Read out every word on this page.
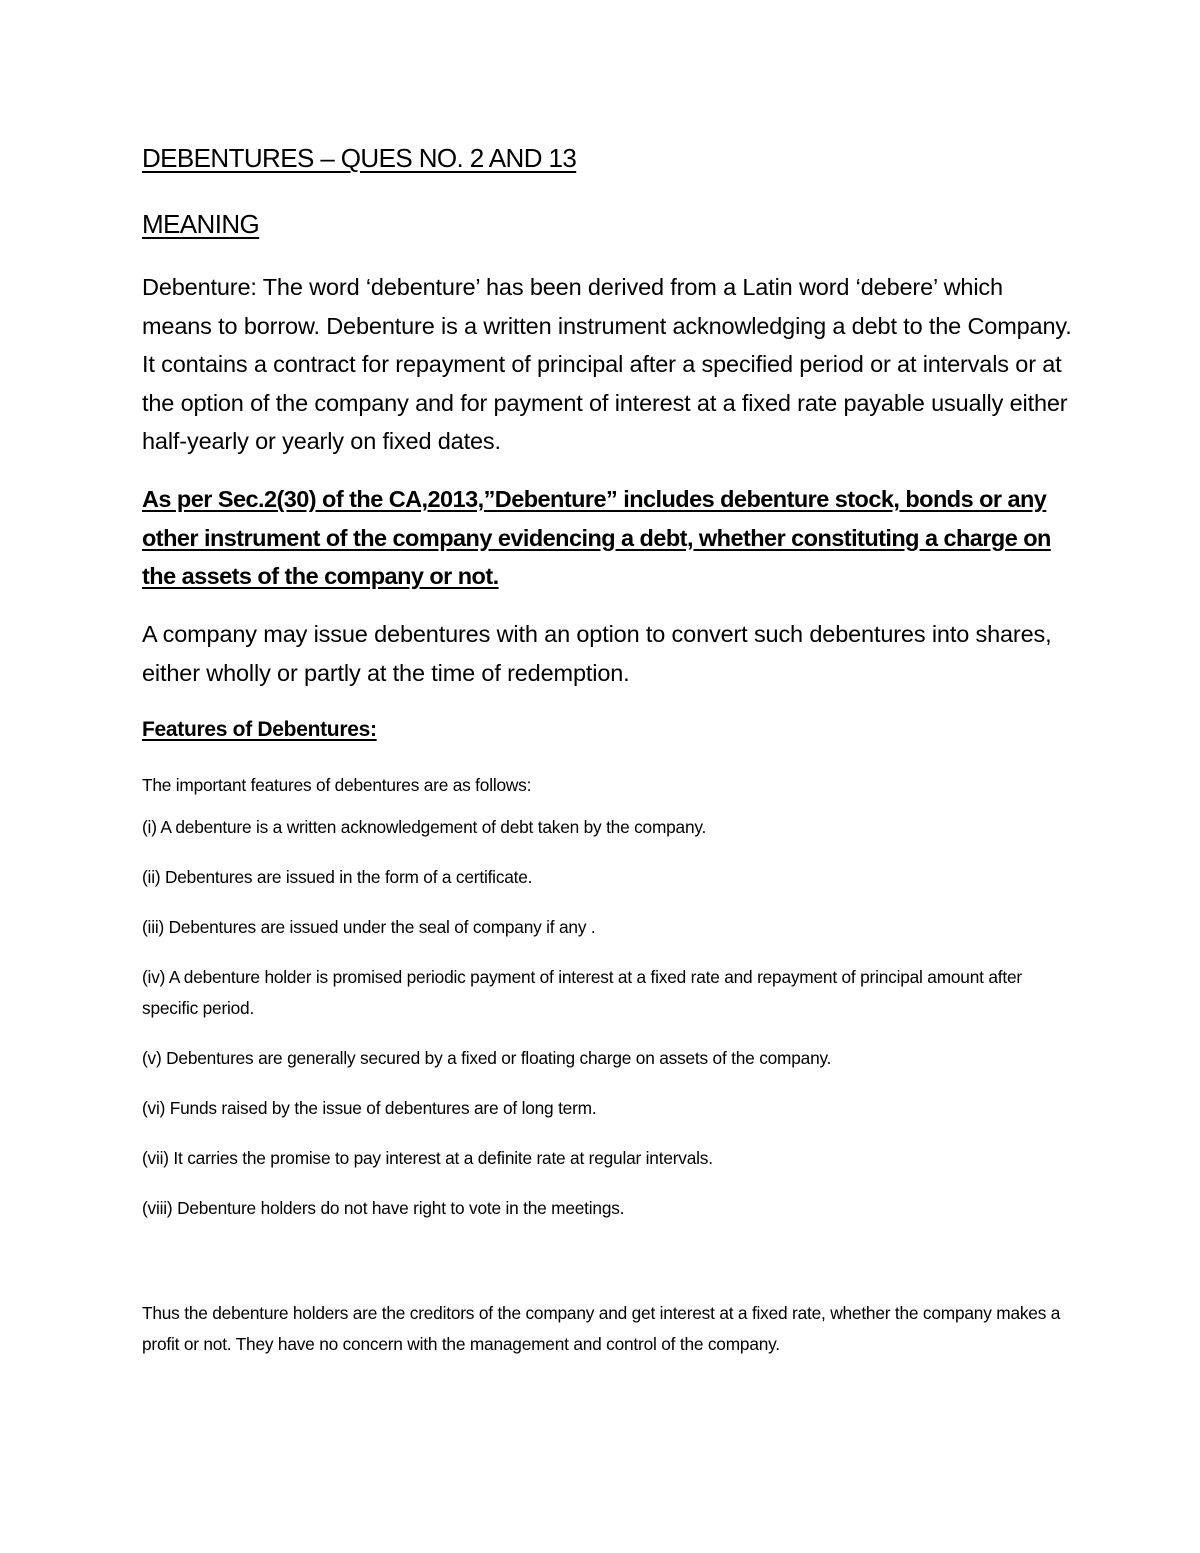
DEBENTURES – QUES NO. 2 AND 13
MEANING

Debenture: The word ‘debenture’ has been derived from a Latin word ‘debere’ which means to borrow. Debenture is a written instrument acknowledging a debt to the Company. It contains a contract for repayment of principal after a specified period or at intervals or at the option of the company and for payment of interest at a fixed rate payable usually either half-yearly or yearly on fixed dates.

As per Sec.2(30) of the CA,2013,”Debenture” includes debenture stock, bonds or any other instrument of the company evidencing a debt, whether constituting a charge on the assets of the company or not.

A company may issue debentures with an option to convert such debentures into shares, either wholly or partly at the time of redemption.

Features of Debentures:

The important features of debentures are as follows:

(i) A debenture is a written acknowledgement of debt taken by the company.
(ii) Debentures are issued in the form of a certificate.
(iii) Debentures are issued under the seal of company if any .
(iv) A debenture holder is promised periodic payment of interest at a fixed rate and repayment of principal amount after specific period.
(v) Debentures are generally secured by a fixed or floating charge on assets of the company.
(vi) Funds raised by the issue of debentures are of long term.
(vii) It carries the promise to pay interest at a definite rate at regular intervals.
(viii) Debenture holders do not have right to vote in the meetings.

Thus the debenture holders are the creditors of the company and get interest at a fixed rate, whether the company makes a profit or not. They have no concern with the management and control of the company.
